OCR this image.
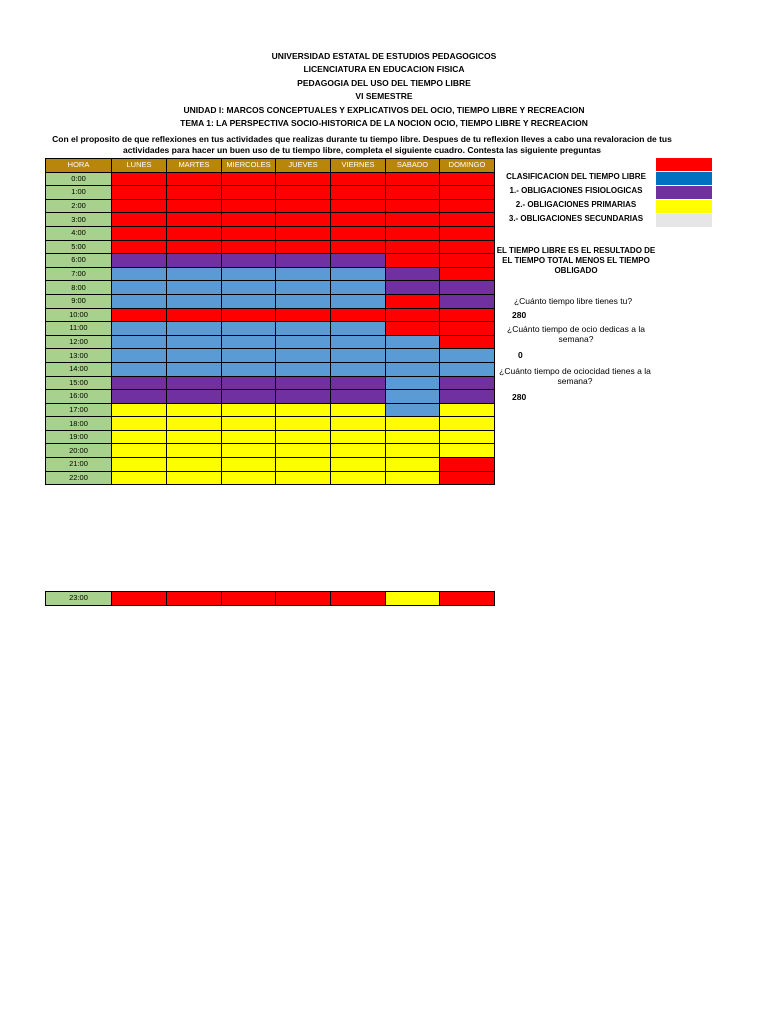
UNIVERSIDAD ESTATAL DE ESTUDIOS PEDAGOGICOS
LICENCIATURA EN EDUCACION FISICA
PEDAGOGIA DEL USO DEL TIEMPO LIBRE
VI SEMESTRE
UNIDAD I: MARCOS CONCEPTUALES Y EXPLICATIVOS DEL OCIO, TIEMPO LIBRE Y RECREACION
TEMA 1: LA PERSPECTIVA SOCIO-HISTORICA DE LA NOCION OCIO, TIEMPO LIBRE Y RECREACION
Con el proposito de que reflexiones en tus actividades que realizas durante tu tiempo libre. Despues de tu reflexion lleves a cabo una revaloracion de tus actividades para hacer un buen uso de tu tiempo libre, completa el siguiente cuadro. Contesta las siguiente preguntas
HORA	LUNES	MARTES	MIERCOLES	JUEVES	VIERNES	SABADO	DOMINGO
0:00							
1:00							
2:00							
3:00							
4:00							
5:00							
6:00							
7:00							
8:00							
9:00							
10:00							
11:00							
12:00							
13:00							
14:00							
15:00							
16:00							
17:00							
18:00							
19:00							
20:00							
21:00							
22:00							
23:00							
CLASIFICACION DEL TIEMPO LIBRE
1.- OBLIGACIONES FISIOLOGICAS
2.- OBLIGACIONES PRIMARIAS
3.- OBLIGACIONES SECUNDARIAS
EL TIEMPO LIBRE ES EL RESULTADO DE EL TIEMPO TOTAL MENOS EL TIEMPO OBLIGADO
¿Cuánto tiempo libre tienes tu?
280
¿Cuánto tiempo de ocio dedicas a la semana?
0
¿Cuánto tiempo de ociocidad tienes a la semana?
280
